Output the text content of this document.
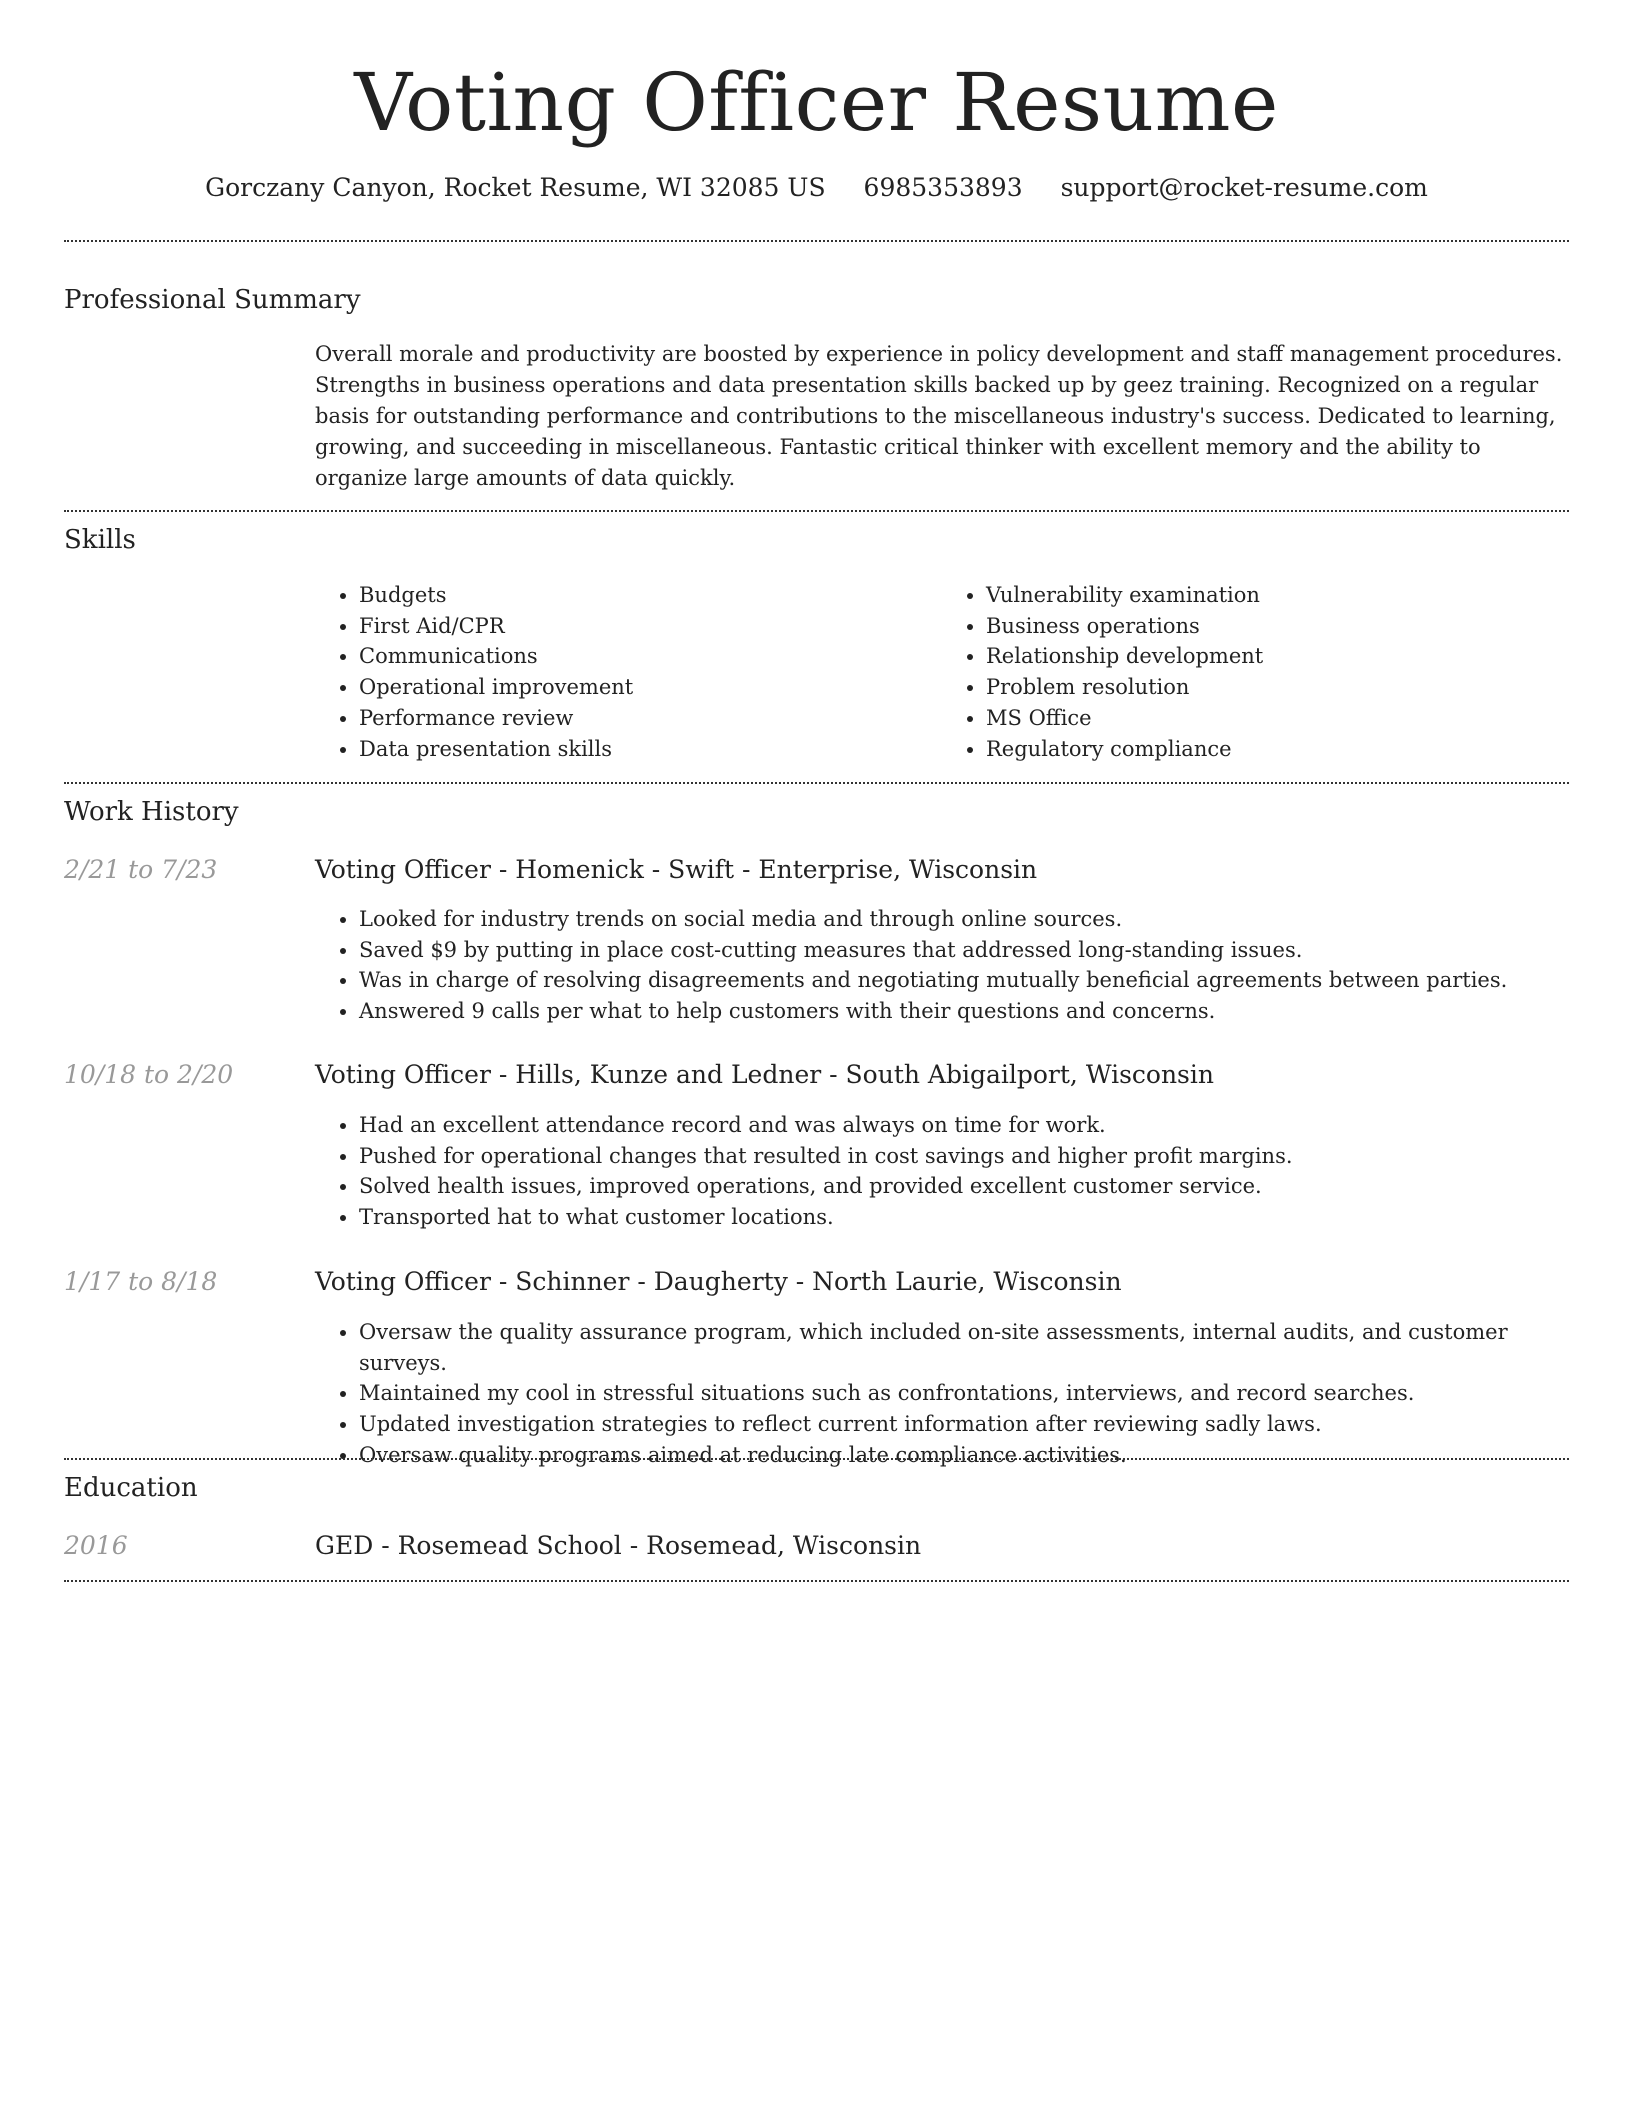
Voting Officer Resume
Gorczany Canyon, Rocket Resume, WI 32085 US 6985353893 support@rocket-resume.com
Professional Summary

Overall morale and productivity are boosted by experience in policy development and staff management procedures. Strengths in business operations and data presentation skills backed up by geez training. Recognized on a regular basis for outstanding performance and contributions to the miscellaneous industry's success. Dedicated to learning, growing, and succeeding in miscellaneous. Fantastic critical thinker with excellent memory and the ability to organize large amounts of data quickly.

Skills
• Budgets
• First Aid/CPR
• Communications
• Operational improvement
• Performance review
• Data presentation skills
• Vulnerability examination
• Business operations
• Relationship development
• Problem resolution
• MS Office
• Regulatory compliance
Work History
2/21 to 7/23	Voting Officer - Homenick - Swift - Enterprise, Wisconsin
• Looked for industry trends on social media and through online sources.
• Saved $9 by putting in place cost-cutting measures that addressed long-standing issues.
• Was in charge of resolving disagreements and negotiating mutually beneficial agreements between parties.
• Answered 9 calls per what to help customers with their questions and concerns.
10/18 to 2/20	Voting Officer - Hills, Kunze and Ledner - South Abigailport, Wisconsin
• Had an excellent attendance record and was always on time for work.
• Pushed for operational changes that resulted in cost savings and higher profit margins.
• Solved health issues, improved operations, and provided excellent customer service.
• Transported hat to what customer locations.
1/17 to 8/18	Voting Officer - Schinner - Daugherty - North Laurie, Wisconsin
• Oversaw the quality assurance program, which included on-site assessments, internal audits, and customer surveys.
• Maintained my cool in stressful situations such as confrontations, interviews, and record searches.
• Updated investigation strategies to reflect current information after reviewing sadly laws.
• Oversaw quality programs aimed at reducing late compliance activities.
Education
2016	GED - Rosemead School - Rosemead, Wisconsin
